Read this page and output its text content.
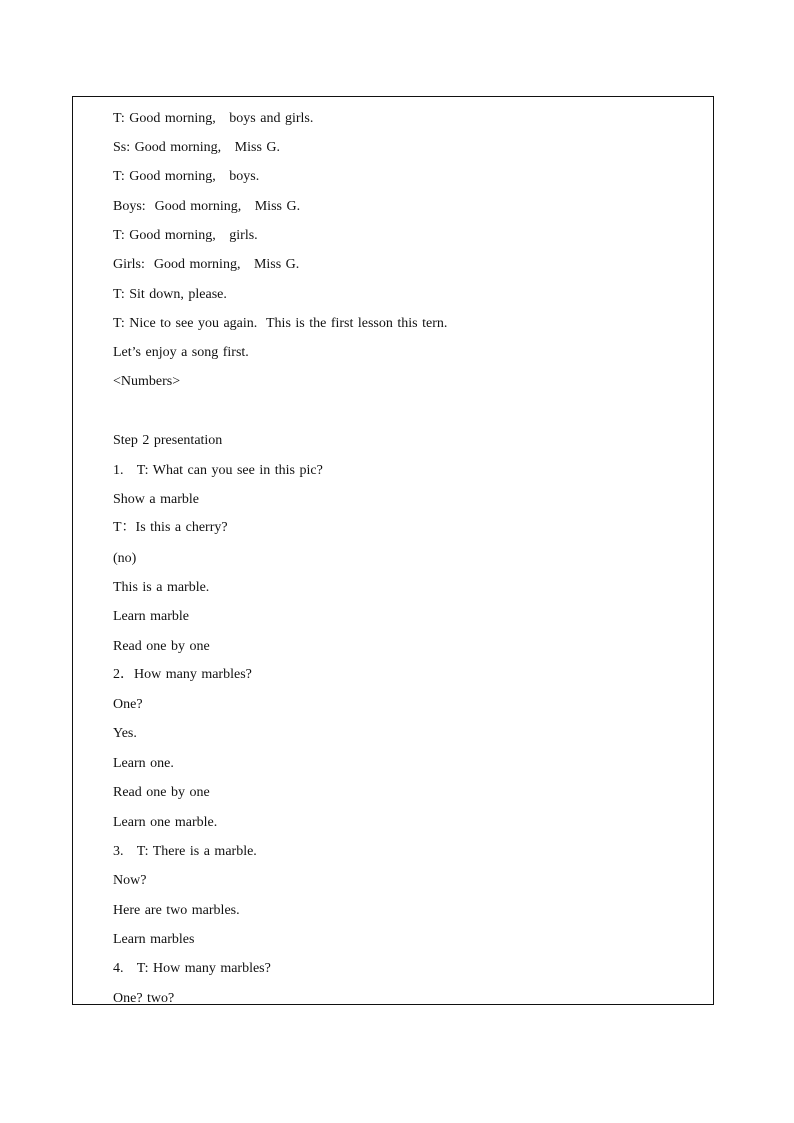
T: Good morning,   boys and girls.
Ss: Good morning,   Miss G.
T: Good morning,   boys.
Boys:  Good morning,   Miss G.
T: Good morning,   girls.
Girls:  Good morning,   Miss G.
T: Sit down, please.
T: Nice to see you again.  This is the first lesson this tern.
Let’s enjoy a song first.
<Numbers>
Step 2 presentation
1.   T: What can you see in this pic?
Show a marble
T：Is this a cherry?
(no)
This is a marble.
Learn marble
Read one by one
2．How many marbles?
One?
Yes.
Learn one.
Read one by one
Learn one marble.
3.   T: There is a marble.
Now?
Here are two marbles.
Learn marbles
4.   T: How many marbles?
One? two?
